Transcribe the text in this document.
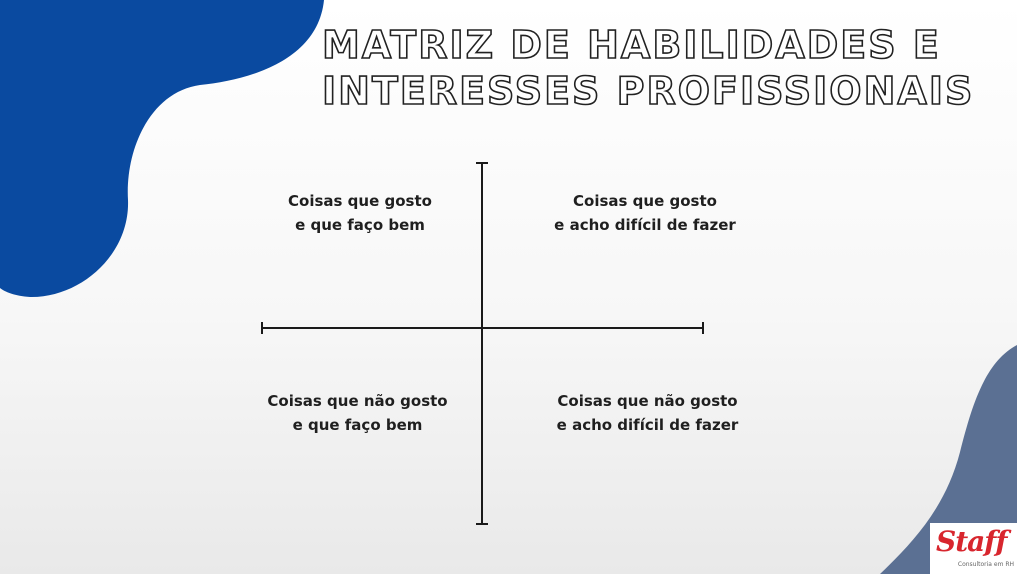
MATRIZ DE HABILIDADES E
INTERESSES PROFISSIONAIS
Coisas que gosto
e que faço bem
Coisas que gosto
e acho difícil de fazer
Coisas que não gosto
e que faço bem
Coisas que não gosto
e acho difícil de fazer
Staff
Consultoria em RH
